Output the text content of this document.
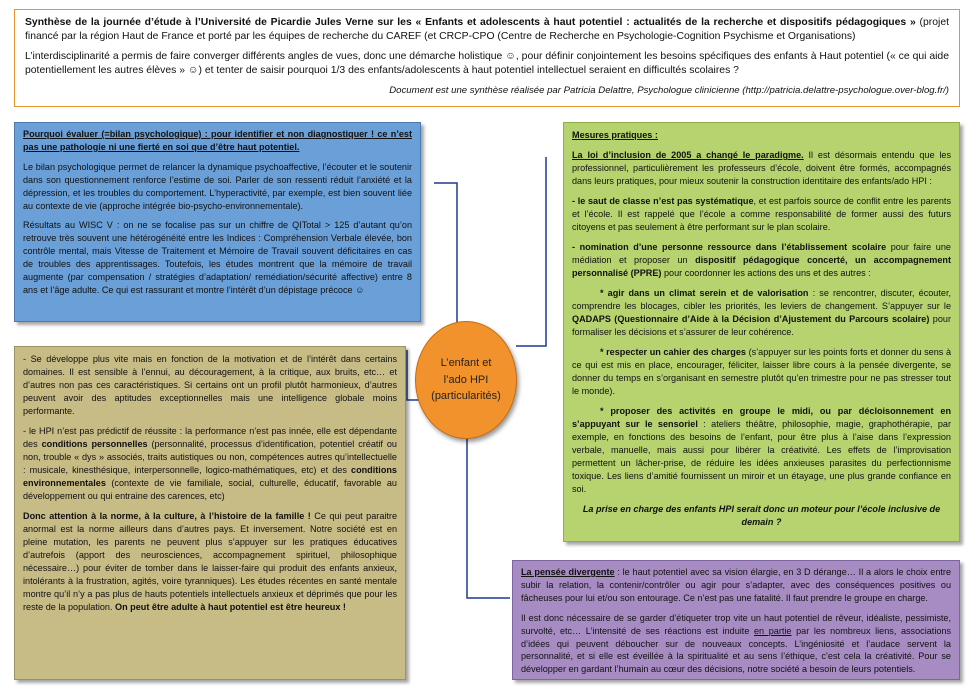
Synthèse de la journée d’étude à l’Université de Picardie Jules Verne sur les « Enfants et adolescents à haut potentiel : actualités de la recherche et dispositifs pédagogiques » (projet financé par la région Haut de France et porté par les équipes de recherche du CAREF (et CRCP-CPO (Centre de Recherche en Psychologie-Cognition Psychisme et Organisations)

L’interdisciplinarité a permis de faire converger différents angles de vues, donc une démarche holistique ☺, pour définir conjointement les besoins spécifiques des enfants à Haut potentiel (« ce qui aide potentiellement les autres élèves » ☺) et tenter de saisir pourquoi 1/3 des enfants/adolescents à haut potentiel intellectuel seraient en difficultés scolaires ?

Document est une synthèse réalisée par Patricia Delattre, Psychologue clinicienne (http://patricia.delattre-psychologue.over-blog.fr/)

Pourquoi évaluer (=bilan psychologique) : pour identifier et non diagnostiquer ! ce n’est pas une pathologie ni une fierté en soi que d’être haut potentiel.

Le bilan psychologique permet de relancer la dynamique psychoaffective, l’écouter et le soutenir dans son questionnement renforce l’estime de soi. Parler de son ressenti réduit l’anxiété et la dépression, et les troubles du comportement. L’hyperactivité, par exemple, est bien souvent liée au contexte de vie (approche intégrée bio-psycho-environnementale).

Résultats au WISC V : on ne se focalise pas sur un chiffre de QITotal > 125 d’autant qu’on retrouve très souvent une hétérogénéité entre les Indices : Compréhension Verbale élevée, bon contrôle mental, mais Vitesse de Traitement et Mémoire de Travail souvent déficitaires en cas de troubles des apprentissages. Toutefois, les études montrent que la mémoire de travail augmente (par compensation / stratégies d’adaptation/ remédiation/sécurité affective) entre 8 ans et l’âge adulte. Ce qui est rassurant et montre l’intérêt d’un dépistage précoce ☺

L’enfant et
l’ado HPI
(particularités)

- Se développe plus vite mais en fonction de la motivation et de l’intérêt dans certains domaines. Il est sensible à l’ennui, au découragement, à la critique, aux bruits, etc… et d’autres non pas ces caractéristiques. Si certains ont un profil plutôt harmonieux, d’autres peuvent avoir des aptitudes exceptionnelles mais une intelligence globale moins performante.

- le HPI n’est pas prédictif de réussite : la performance n’est pas innée, elle est dépendante des conditions personnelles (personnalité, processus d’identification, potentiel créatif ou non, trouble « dys » associés, traits autistiques ou non, compétences autres qu’intellectuelle : musicale, kinesthésique, interpersonnelle, logico-mathématiques, etc) et des conditions environnementales (contexte de vie familiale, social, culturelle, éducatif, favorable au développement ou qui entraine des carences, etc)

Donc attention à la norme, à la culture, à l’histoire de la famille ! Ce qui peut paraitre anormal est la norme ailleurs dans d’autres pays. Et inversement. Notre société est en pleine mutation, les parents ne peuvent plus s’appuyer sur les pratiques éducatives d’autrefois (apport des neurosciences, accompagnement spirituel, philosophique nécessaire…) pour éviter de tomber dans le laisser-faire qui produit des enfants anxieux, intolérants à la frustration, agités, voire tyranniques). Les études récentes en santé mentale montre qu’il n’y a pas plus de hauts potentiels intellectuels anxieux et déprimés que pour les reste de la population. On peut être adulte à haut potentiel est être heureux !

Mesures pratiques :

La loi d’inclusion de 2005 a changé le paradigme. Il est désormais entendu que les professionnel, particulièrement les professeurs d’école, doivent être formés, accompagnés dans leurs pratiques, pour mieux soutenir la construction identitaire des enfants/ado HPI :

- le saut de classe n’est pas systématique, et est parfois source de conflit entre les parents et l’école. Il est rappelé que l’école a comme responsabilité de former aussi des futurs citoyens et pas seulement à être performant sur le plan scolaire.

- nomination d’une personne ressource dans l’établissement scolaire pour faire une médiation et proposer un dispositif pédagogique concerté, un accompagnement personnalisé (PPRE) pour coordonner les actions des uns et des autres :

* agir dans un climat serein et de valorisation : se rencontrer, discuter, écouter, comprendre les blocages, cibler les priorités, les leviers de changement. S’appuyer sur le QADAPS (Questionnaire d’Aide à la Décision d’Ajustement du Parcours scolaire) pour formaliser les décisions et s’assurer de leur cohérence.

* respecter un cahier des charges (s’appuyer sur les points forts et donner du sens à ce qui est mis en place, encourager, féliciter, laisser libre cours à la pensée divergente, se donner du temps en s’organisant en semestre plutôt qu’en trimestre pour ne pas stresser tout le monde).

* proposer des activités en groupe le midi, ou par décloisonnement en s’appuyant sur le sensoriel : ateliers théâtre, philosophie, magie, graphothérapie, par exemple, en fonctions des besoins de l’enfant, pour être plus à l’aise dans l’expression verbale, manuelle, mais aussi pour libérer la créativité. Les effets de l’improvisation permettent un lâcher-prise, de réduire les idées anxieuses parasites du perfectionnisme toxique. Les liens d’amitié fournissent un miroir et un étayage, une plus grande confiance en soi.

La prise en charge des enfants HPI serait donc un moteur pour l’école inclusive de demain ?

La pensée divergente : le haut potentiel avec sa vision élargie, en 3 D dérange… Il a alors le choix entre subir la relation, la contenir/contrôler ou agir pour s’adapter, avec des conséquences positives ou fâcheuses pour lui et/ou son entourage. Ce n’est pas une fatalité. Il faut prendre le groupe en charge.

Il est donc nécessaire de se garder d’étiqueter trop vite un haut potentiel de rêveur, idéaliste, pessimiste, survolté, etc… L’intensité de ses réactions est induite en partie par les nombreux liens, associations d’idées qui peuvent déboucher sur de nouveaux concepts. L’ingéniosité et l’audace servent la personnalité, et si elle est éveillée à la spiritualité et au sens l’éthique, c’est cela la créativité. Pour se développer en gardant l’humain au cœur des décisions, notre société a besoin de leurs potentiels.
